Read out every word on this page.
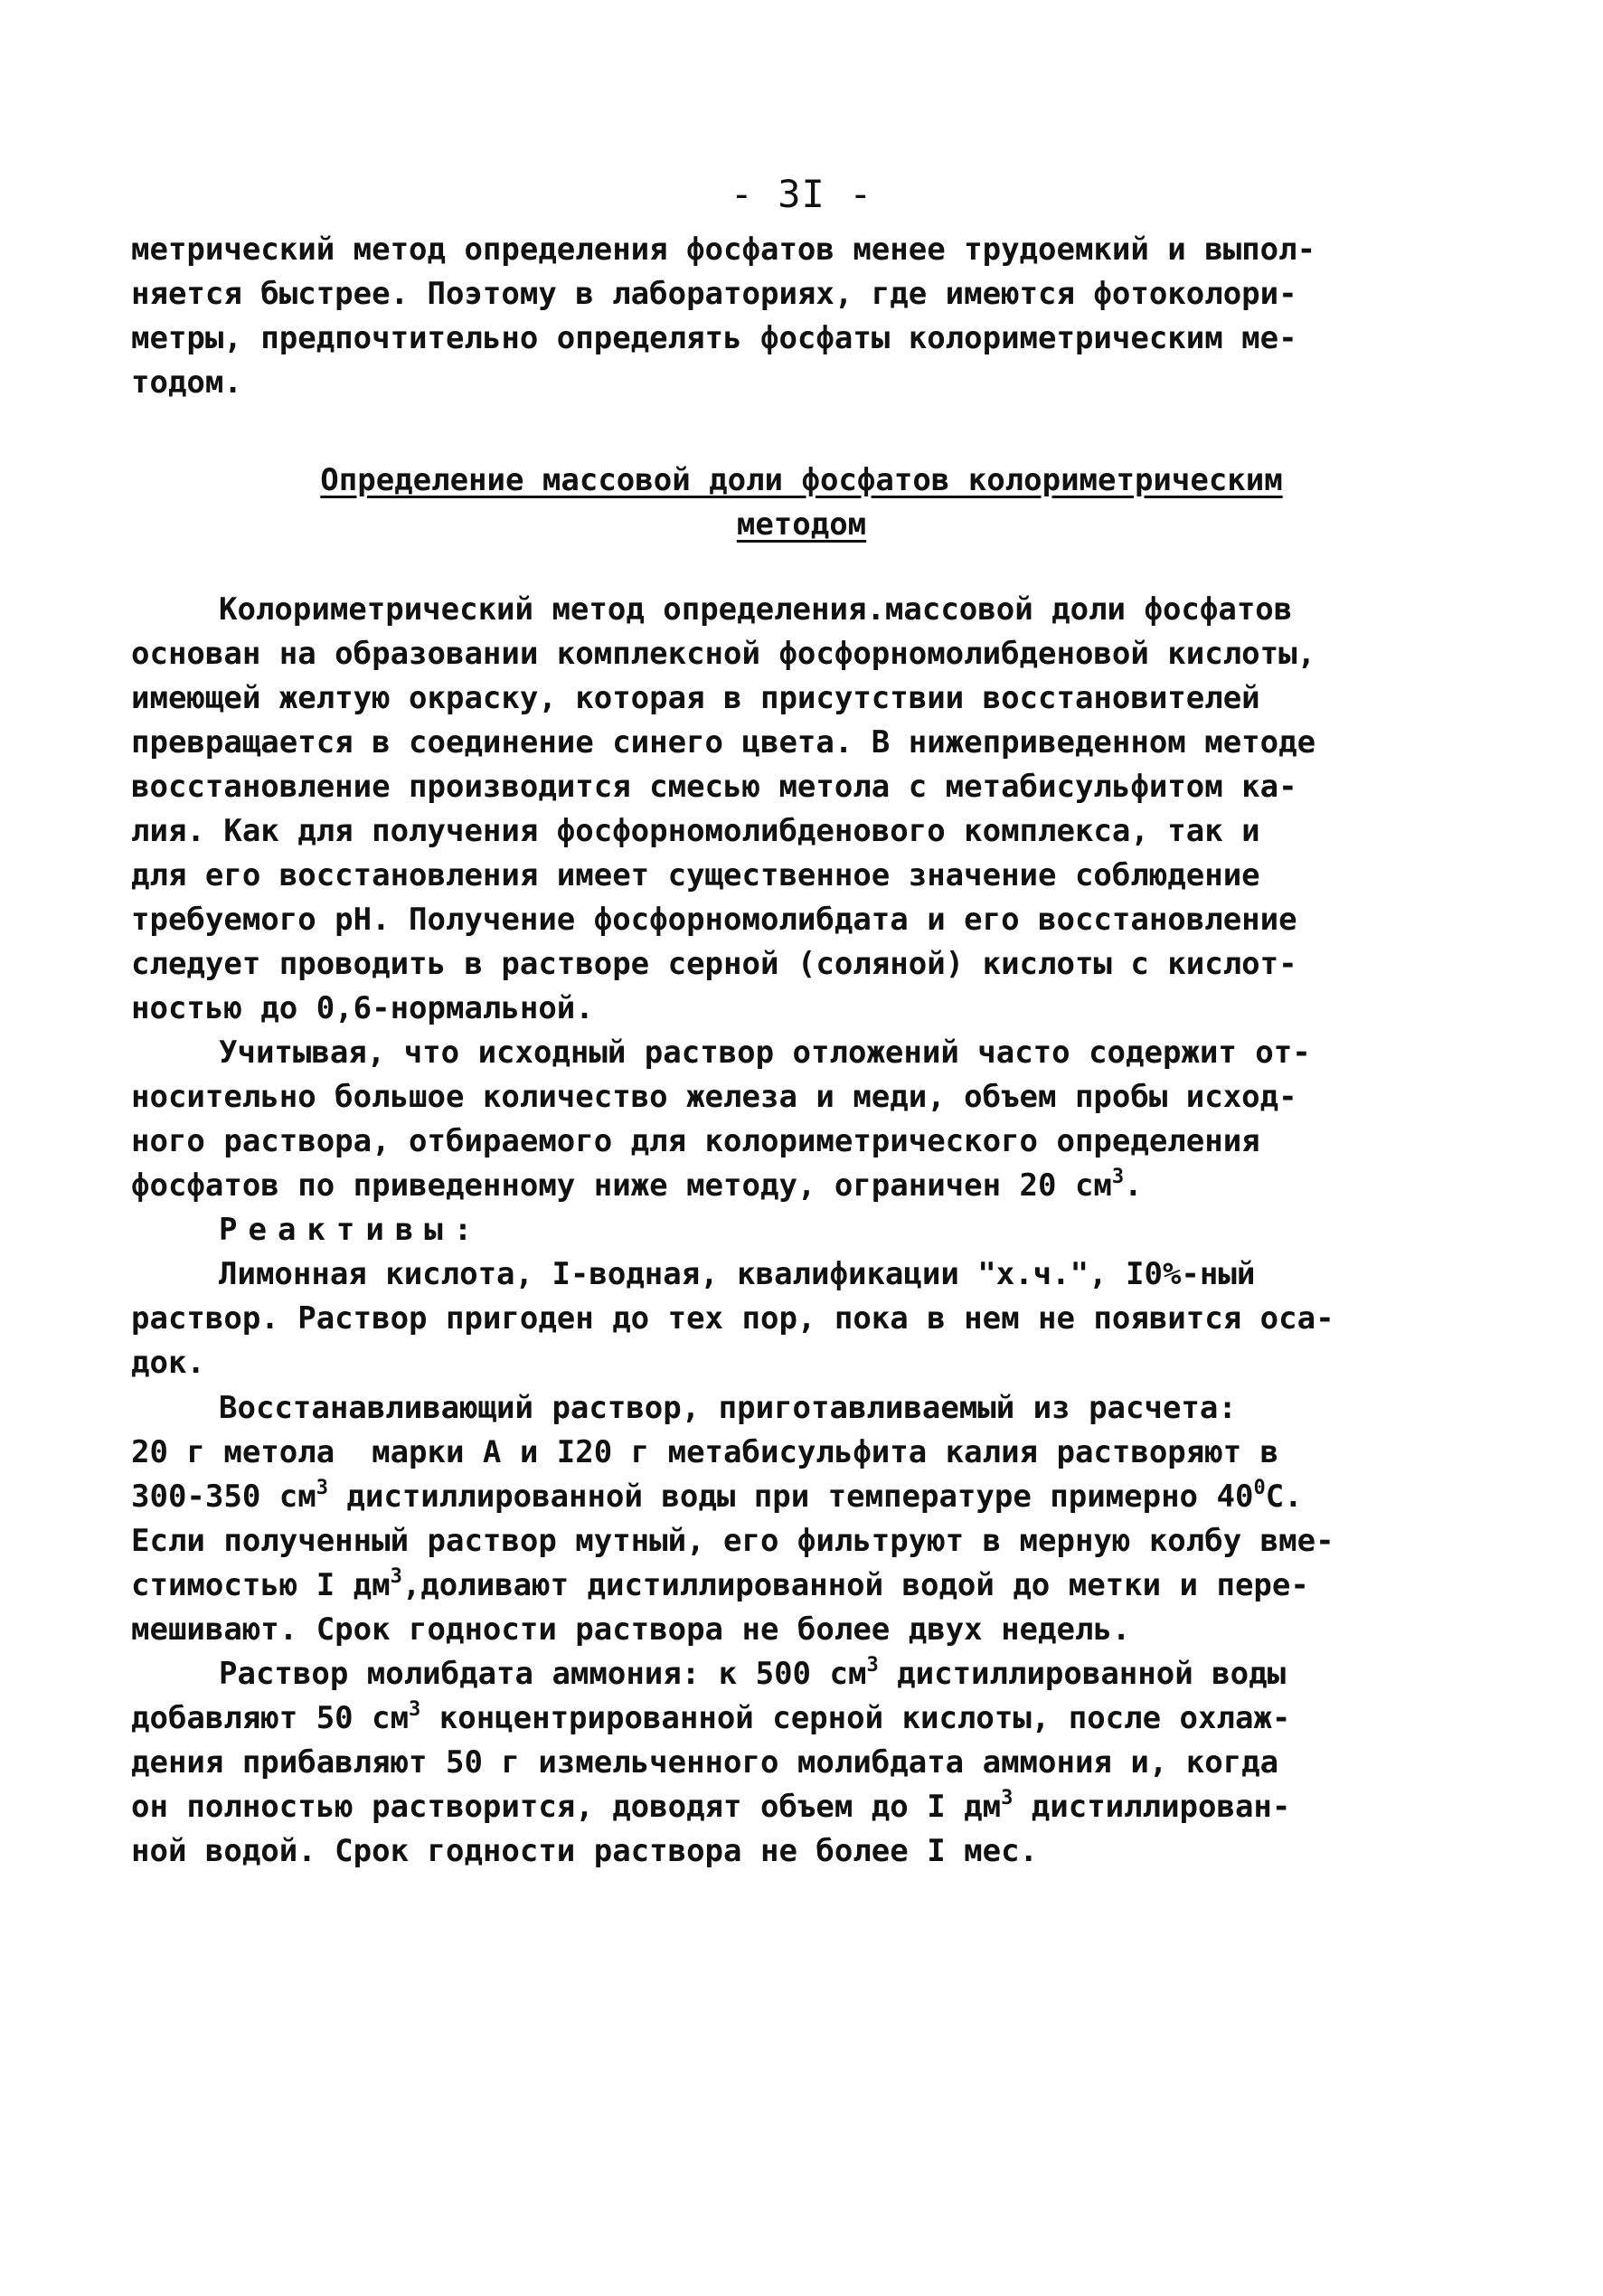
- 3I -
метрический метод определения фосфатов менее трудоемкий и выпол-
няется быстрее. Поэтому в лабораториях, где имеются фотоколори-
метры, предпочтительно определять фосфаты колориметрическим ме-
тодом.
Определение массовой доли фосфатов колориметрическим
методом
Колориметрический метод определения.массовой доли фосфатов
основан на образовании комплексной фосфорномолибденовой кислоты,
имеющей желтую окраску, которая в присутствии восстановителей
превращается в соединение синего цвета. В нижеприведенном методе
восстановление производится смесью метола с метабисульфитом ка-
лия. Как для получения фосфорномолибденового комплекса, так и
для его восстановления имеет существенное значение соблюдение
требуемого рН. Получение фосфорномолибдата и его восстановление
следует проводить в растворе серной (соляной) кислоты с кислот-
ностью до 0,6-нормальной.
Учитывая, что исходный раствор отложений часто содержит от-
носительно большое количество железа и меди, объем пробы исход-
ного раствора, отбираемого для колориметрического определения
фосфатов по приведенному ниже методу, ограничен 20 $см^3$.
Реактивы:
Лимонная кислота, I-водная, квалификации "х.ч.", I0%-ный
раствор. Раствор пригоден до тех пор, пока в нем не появится оса-
док.
Восстанавливающий раствор, приготавливаемый из расчета:
20 г метола  марки А и I20 г метабисульфита калия растворяют в
300-350 $см^3$ дистиллированной воды при температуре примерно $40^0С$.
Если полученный раствор мутный, его фильтруют в мерную колбу вме-
стимостью I $дм^3,доливают$ дистиллированной водой до метки и пере-
мешивают. Срок годности раствора не более двух недель.
Раствор молибдата аммония: к 500 $см^3$ дистиллированной воды
добавляют 50 $см^3$ концентрированной серной кислоты, после охлаж-
дения прибавляют 50 г измельченного молибдата аммония и, когда
он полностью растворится, доводят объем до I $дм^3$ дистиллирован-
ной водой. Срок годности раствора не более I мес.
